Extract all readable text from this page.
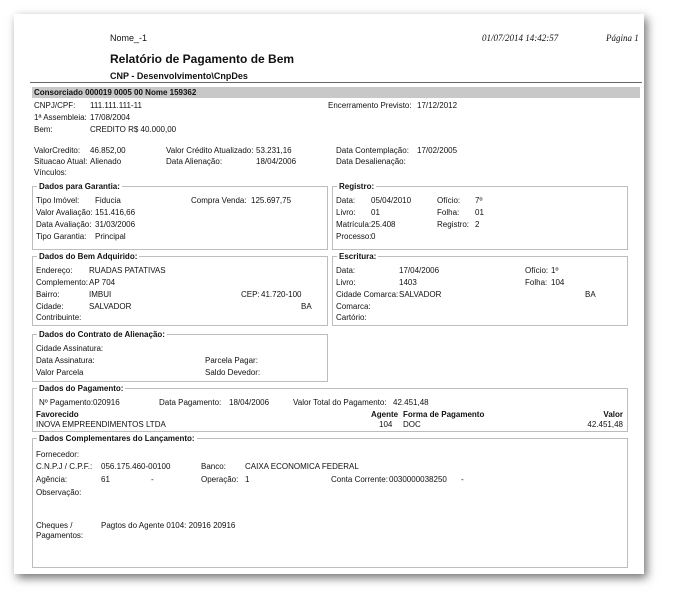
Nome_-1	01/07/2014 14:42:57	Página 1
Relatório de Pagamento de Bem
CNP - Desenvolvimento\CnpDes
Consorciado 000019 0005 00 Nome 159362
CNPJ/CPF: 111.111.111-11	Encerramento Previsto: 17/12/2012
1ª Assembleia: 17/08/2004
Bem:	CREDITO R$ 40.000,00
ValorCredito: 46.852,00	Valor Crédito Atualizado: 53.231,16	Data Contemplação: 17/02/2005
Situacao Atual: Alienado	Data Alienação:	18/04/2006	Data Desalienação:
Vínculos:
Dados para Garantia:
Tipo Imóvel: Fiducia	Compra Venda: 125.697,75
Valor Avaliação: 151.416,66
Data Avaliação: 31/03/2006
Tipo Garantia: Principal
Registro:
Data: 05/04/2010	Ofício: 7º
Livro: 01	Folha: 01
Matrícula: 25.408	Registro: 2
Processo: 0
Dados do Bem Adquirido:
Endereço: RUADAS PATATIVAS
Complemento: AP 704
Bairro:	IMBUI	CEP: 41.720-100
Cidade:	SALVADOR	BA
Contribuinte:
Escritura:
Data:	17/04/2006	Ofício: 1º
Livro:	1403	Folha: 104
Cidade Comarca: SALVADOR	BA
Comarca:
Cartório:
Dados do Contrato de Alienação:
Cidade Assinatura:
Data Assinatura:	Parcela Pagar:
Valor Parcela	Saldo Devedor:
Dados do Pagamento:
Nº Pagamento: 020916	Data Pagamento: 18/04/2006	Valor Total do Pagamento: 42.451,48
Favorecido	Agente Forma de Pagamento	Valor
INOVA EMPREENDIMENTOS LTDA	104 DOC	42.451,48
Dados Complementares do Lançamento:
Fornecedor:
C.N.P.J / C.P.F.: 056.175.460-00100	Banco: CAIXA ECONOMICA FEDERAL
Agência:	61	-	Operação: 1	Conta Corrente: 0030000038250 -
Observação:
Cheques /
Pagamentos:
Pagtos do Agente 0104: 20916 20916
